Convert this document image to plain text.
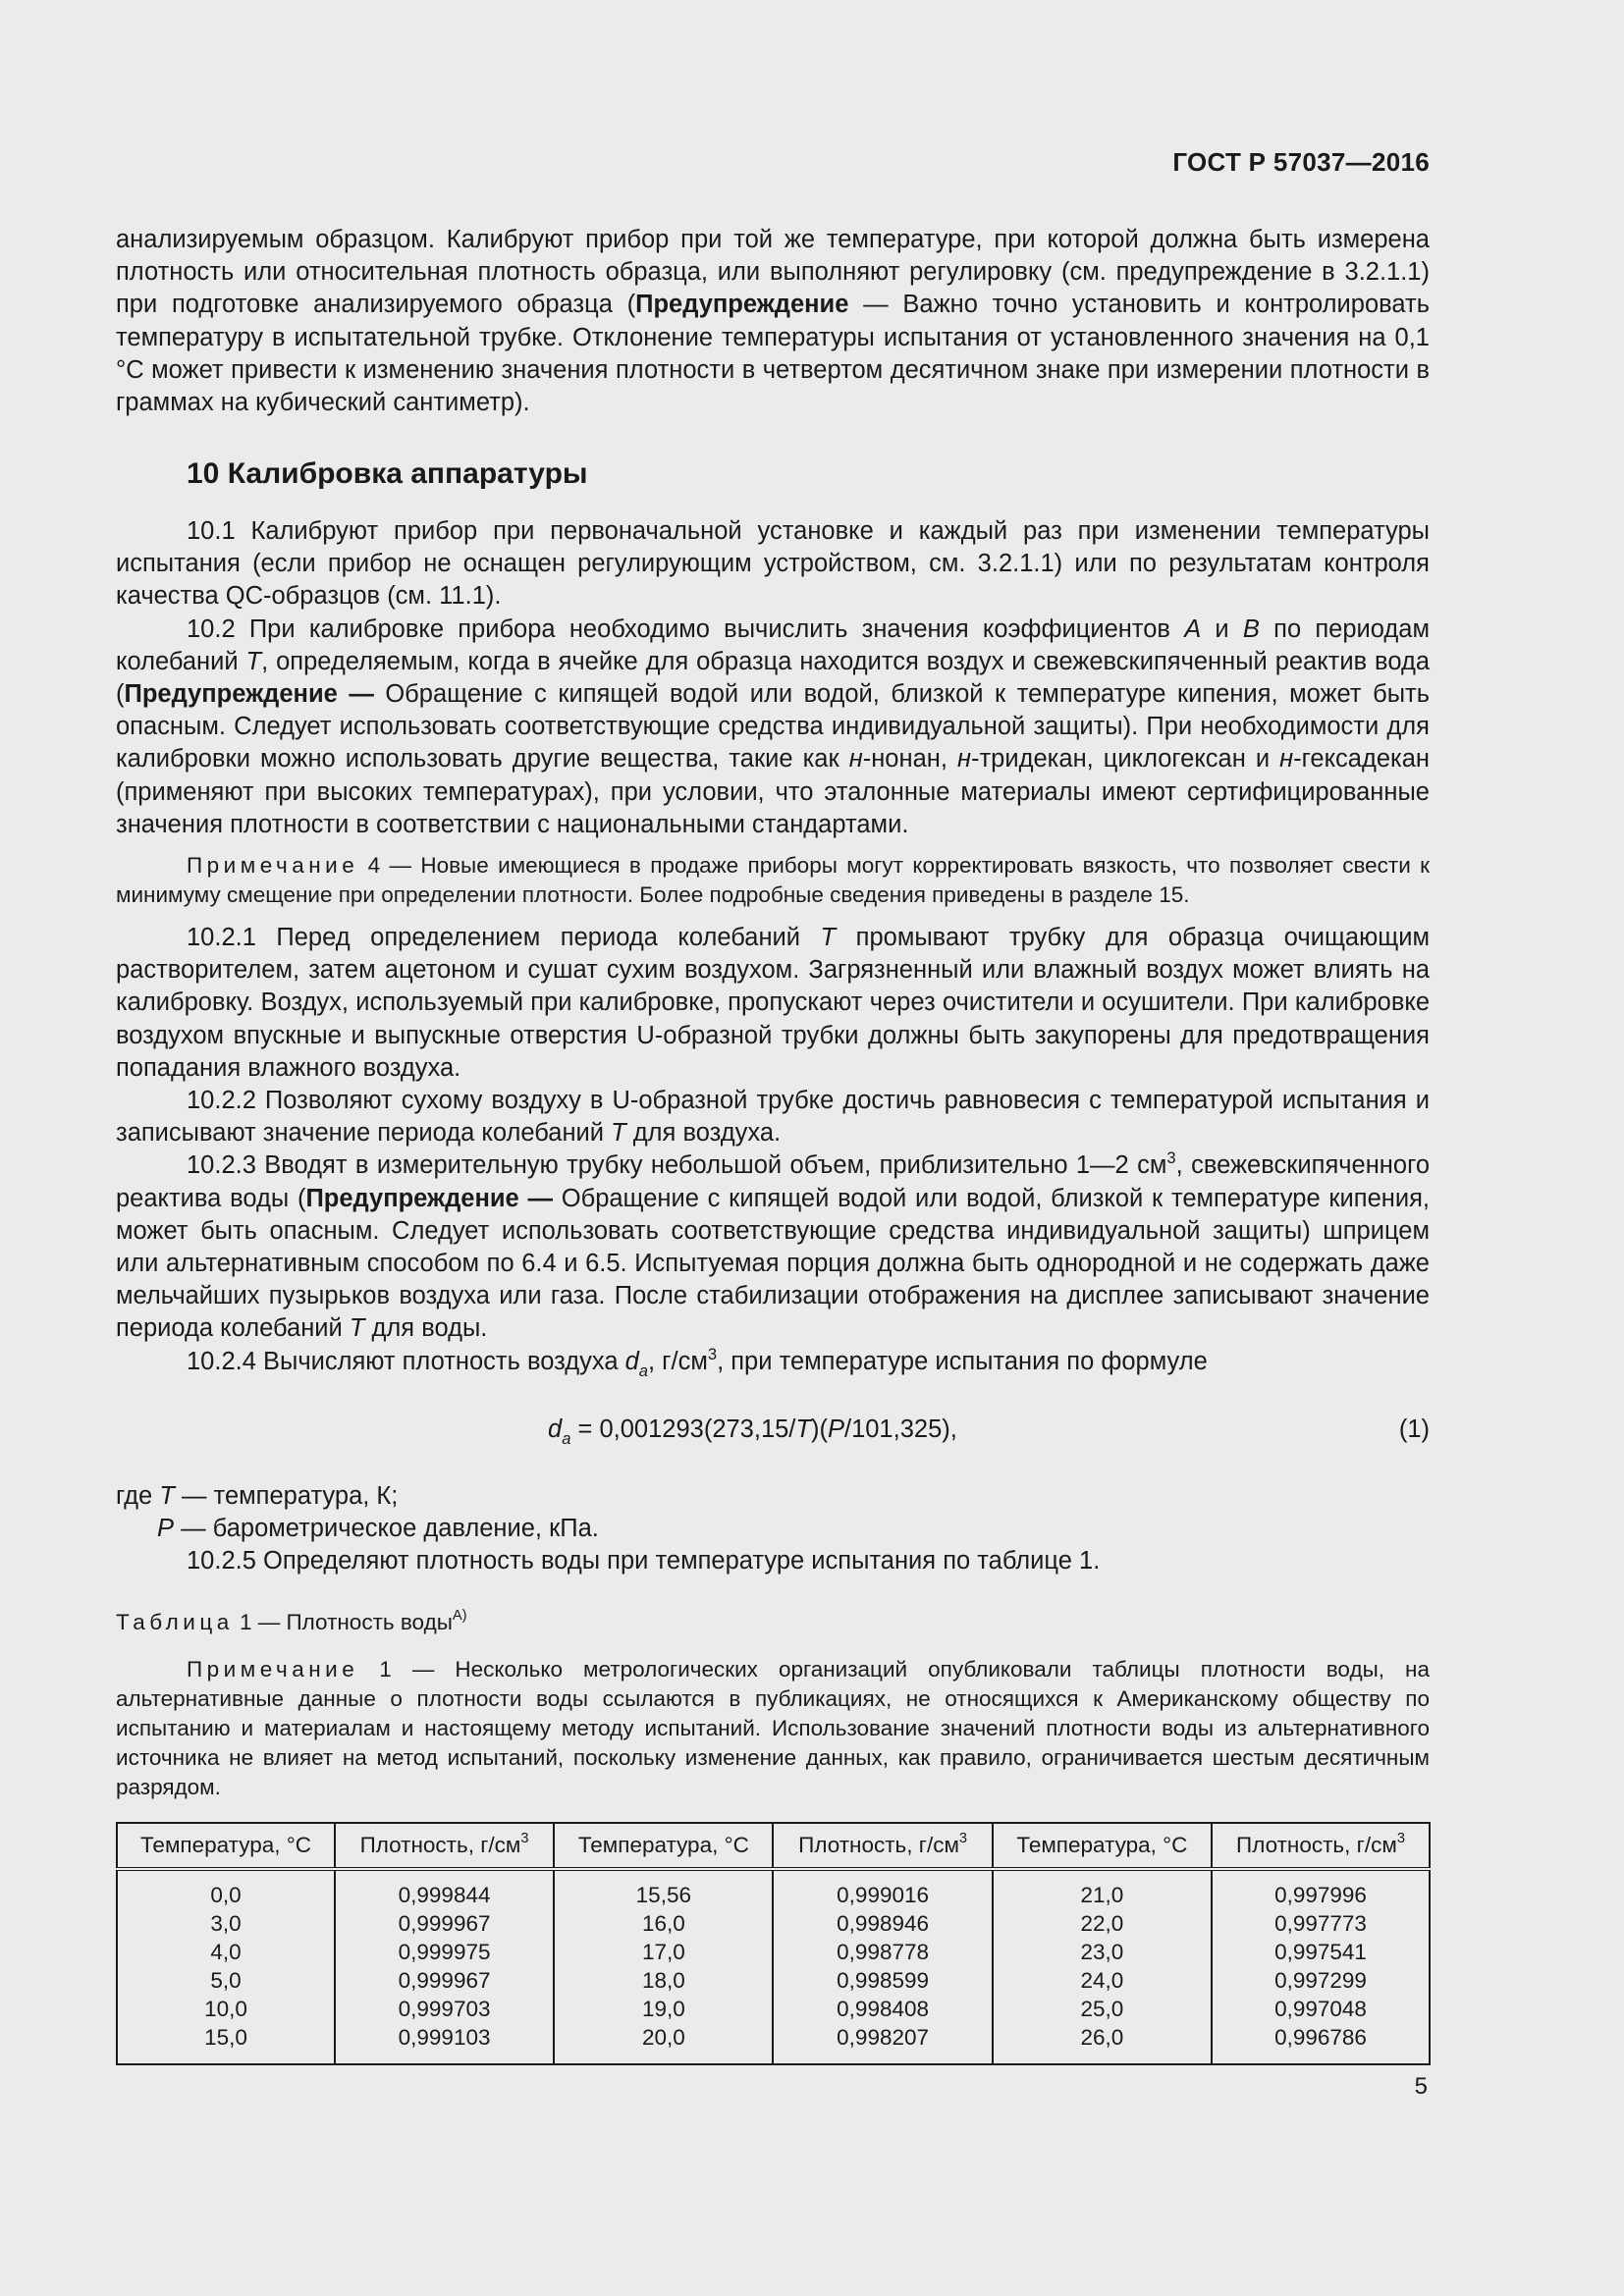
ГОСТ Р 57037—2016

анализируемым образцом. Калибруют прибор при той же температуре, при которой должна быть измерена плотность или относительная плотность образца, или выполняют регулировку (см. предупреждение в 3.2.1.1) при подготовке анализируемого образца (Предупреждение — Важно точно установить и контролировать температуру в испытательной трубке. Отклонение температуры испытания от установленного значения на 0,1 °С может привести к изменению значения плотности в четвертом десятичном знаке при измерении плотности в граммах на кубический сантиметр).

10 Калибровка аппаратуры

10.1 Калибруют прибор при первоначальной установке и каждый раз при изменении температуры испытания (если прибор не оснащен регулирующим устройством, см. 3.2.1.1) или по результатам контроля качества QC-образцов (см. 11.1).

10.2 При калибровке прибора необходимо вычислить значения коэффициентов А и В по периодам колебаний Т, определяемым, когда в ячейке для образца находится воздух и свежевскипяченный реактив вода (Предупреждение — Обращение с кипящей водой или водой, близкой к температуре кипения, может быть опасным. Следует использовать соответствующие средства индивидуальной защиты). При необходимости для калибровки можно использовать другие вещества, такие как н-нонан, н-тридекан, циклогексан и н-гексадекан (применяют при высоких температурах), при условии, что эталонные материалы имеют сертифицированные значения плотности в соответствии с национальными стандартами.

Примечание 4 — Новые имеющиеся в продаже приборы могут корректировать вязкость, что позволяет свести к минимуму смещение при определении плотности. Более подробные сведения приведены в разделе 15.

10.2.1 Перед определением периода колебаний Т промывают трубку для образца очищающим растворителем, затем ацетоном и сушат сухим воздухом. Загрязненный или влажный воздух может влиять на калибровку. Воздух, используемый при калибровке, пропускают через очистители и осушители. При калибровке воздухом впускные и выпускные отверстия U-образной трубки должны быть закупорены для предотвращения попадания влажного воздуха.

10.2.2 Позволяют сухому воздуху в U-образной трубке достичь равновесия с температурой испытания и записывают значение периода колебаний Т для воздуха.

10.2.3 Вводят в измерительную трубку небольшой объем, приблизительно 1—2 $см^3$, свежевскипяченного реактива воды (Предупреждение — Обращение с кипящей водой или водой, близкой к температуре кипения, может быть опасным. Следует использовать соответствующие средства индивидуальной защиты) шприцем или альтернативным способом по 6.4 и 6.5. Испытуемая порция должна быть однородной и не содержать даже мельчайших пузырьков воздуха или газа. После стабилизации отображения на дисплее записывают значение периода колебаний Т для воды.

10.2.4 Вычисляют плотность воздуха $d_a$, $г/см^3$, при температуре испытания по формуле

$d_a = 0,001293(273,15/Т)(Р/101,325)$,	(1)

где Т — температура, К;

Р — барометрическое давление, кПа.

10.2.5 Определяют плотность воды при температуре испытания по таблице 1.

Таблица 1 — Плотность воды$^{А)}$
Примечание 1 — Несколько метрологических организаций опубликовали таблицы плотности воды, на альтернативные данные о плотности воды ссылаются в публикациях, не относящихся к Американскому обществу по испытанию и материалам и настоящему методу испытаний. Использование значений плотности воды из альтернативного источника не влияет на метод испытаний, поскольку изменение данных, как правило, ограничивается шестым десятичным разрядом.
Температура, °С	Плотность, $г/см^3$	Температура, °С	Плотность, $г/см^3$	Температура, °С	Плотность, $г/см^3$
0,0	0,999844	15,56	0,999016	21,0	0,997996
3,0	0,999967	16,0	0,998946	22,0	0,997773
4,0	0,999975	17,0	0,998778	23,0	0,997541
5,0	0,999967	18,0	0,998599	24,0	0,997299
10,0	0,999703	19,0	0,998408	25,0	0,997048
15,0	0,999103	20,0	0,998207	26,0	0,996786
5
